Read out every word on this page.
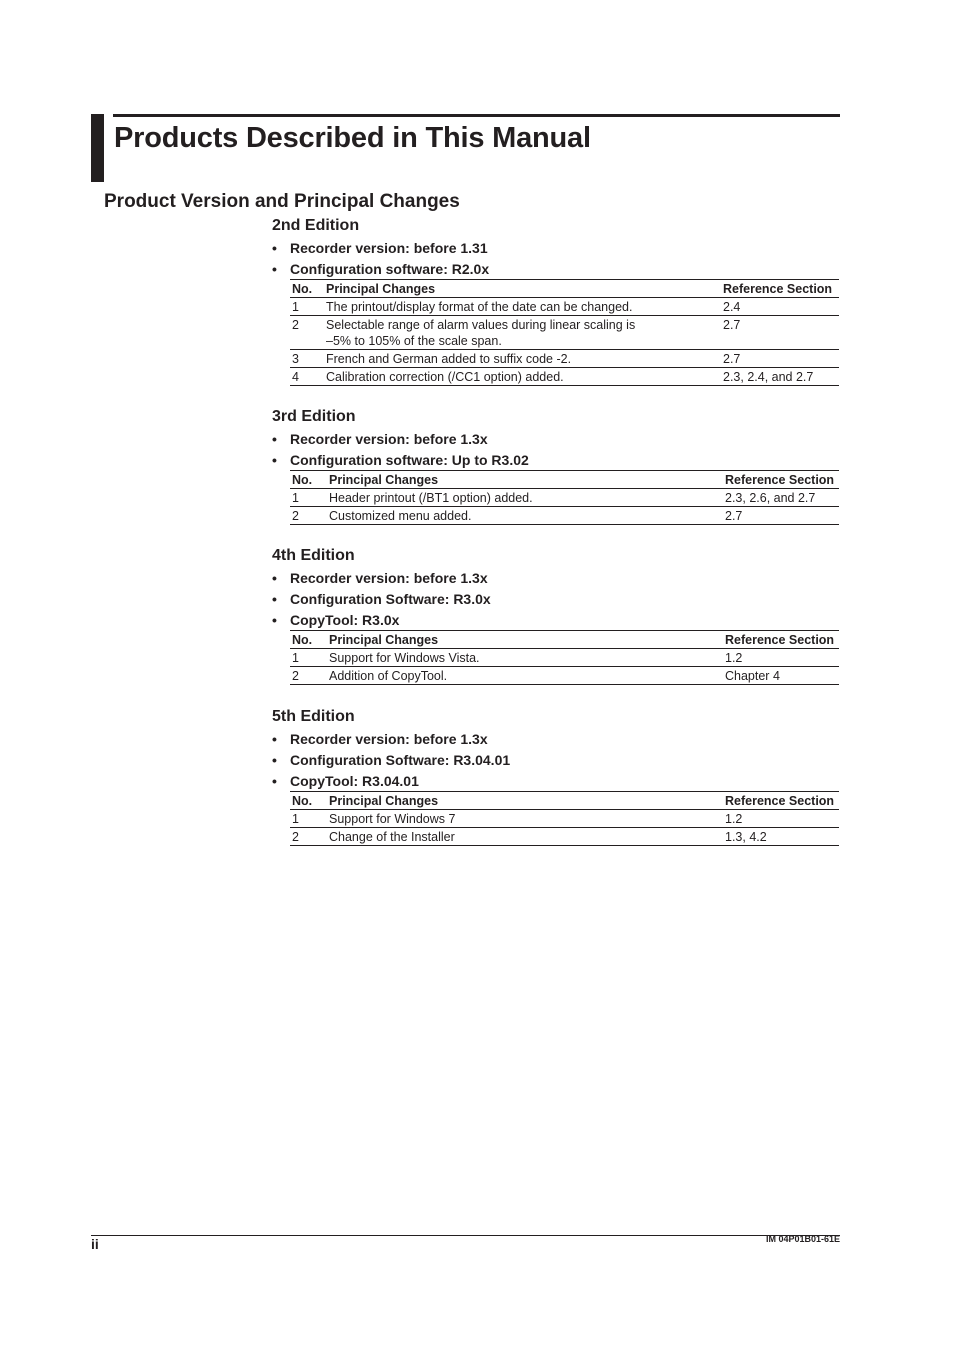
Products Described in This Manual
Product Version and Principal Changes
2nd Edition
• Recorder version: before 1.31
• Configuration software: R2.0x
No.	Principal Changes	Reference Section
1	The printout/display format of the date can be changed.	2.4
2	Selectable range of alarm values during linear scaling is
–5% to 105% of the scale span.	2.7
3	French and German added to suffix code -2.	2.7
4	Calibration correction (/CC1 option) added.	2.3, 2.4, and 2.7
3rd Edition
• Recorder version: before 1.3x
• Configuration software: Up to R3.02
No.	Principal Changes	Reference Section
1	Header printout (/BT1 option) added.	2.3, 2.6, and 2.7
2	Customized menu added.	2.7
4th Edition
• Recorder version: before 1.3x
• Configuration Software: R3.0x
• CopyTool: R3.0x
No.	Principal Changes	Reference Section
1	Support for Windows Vista.	1.2
2	Addition of CopyTool.	Chapter 4
5th Edition
• Recorder version: before 1.3x
• Configuration Software: R3.04.01
• CopyTool: R3.04.01
No.	Principal Changes	Reference Section
1	Support for Windows 7	1.2
2	Change of the Installer	1.3, 4.2
ii	IM 04P01B01-61E
